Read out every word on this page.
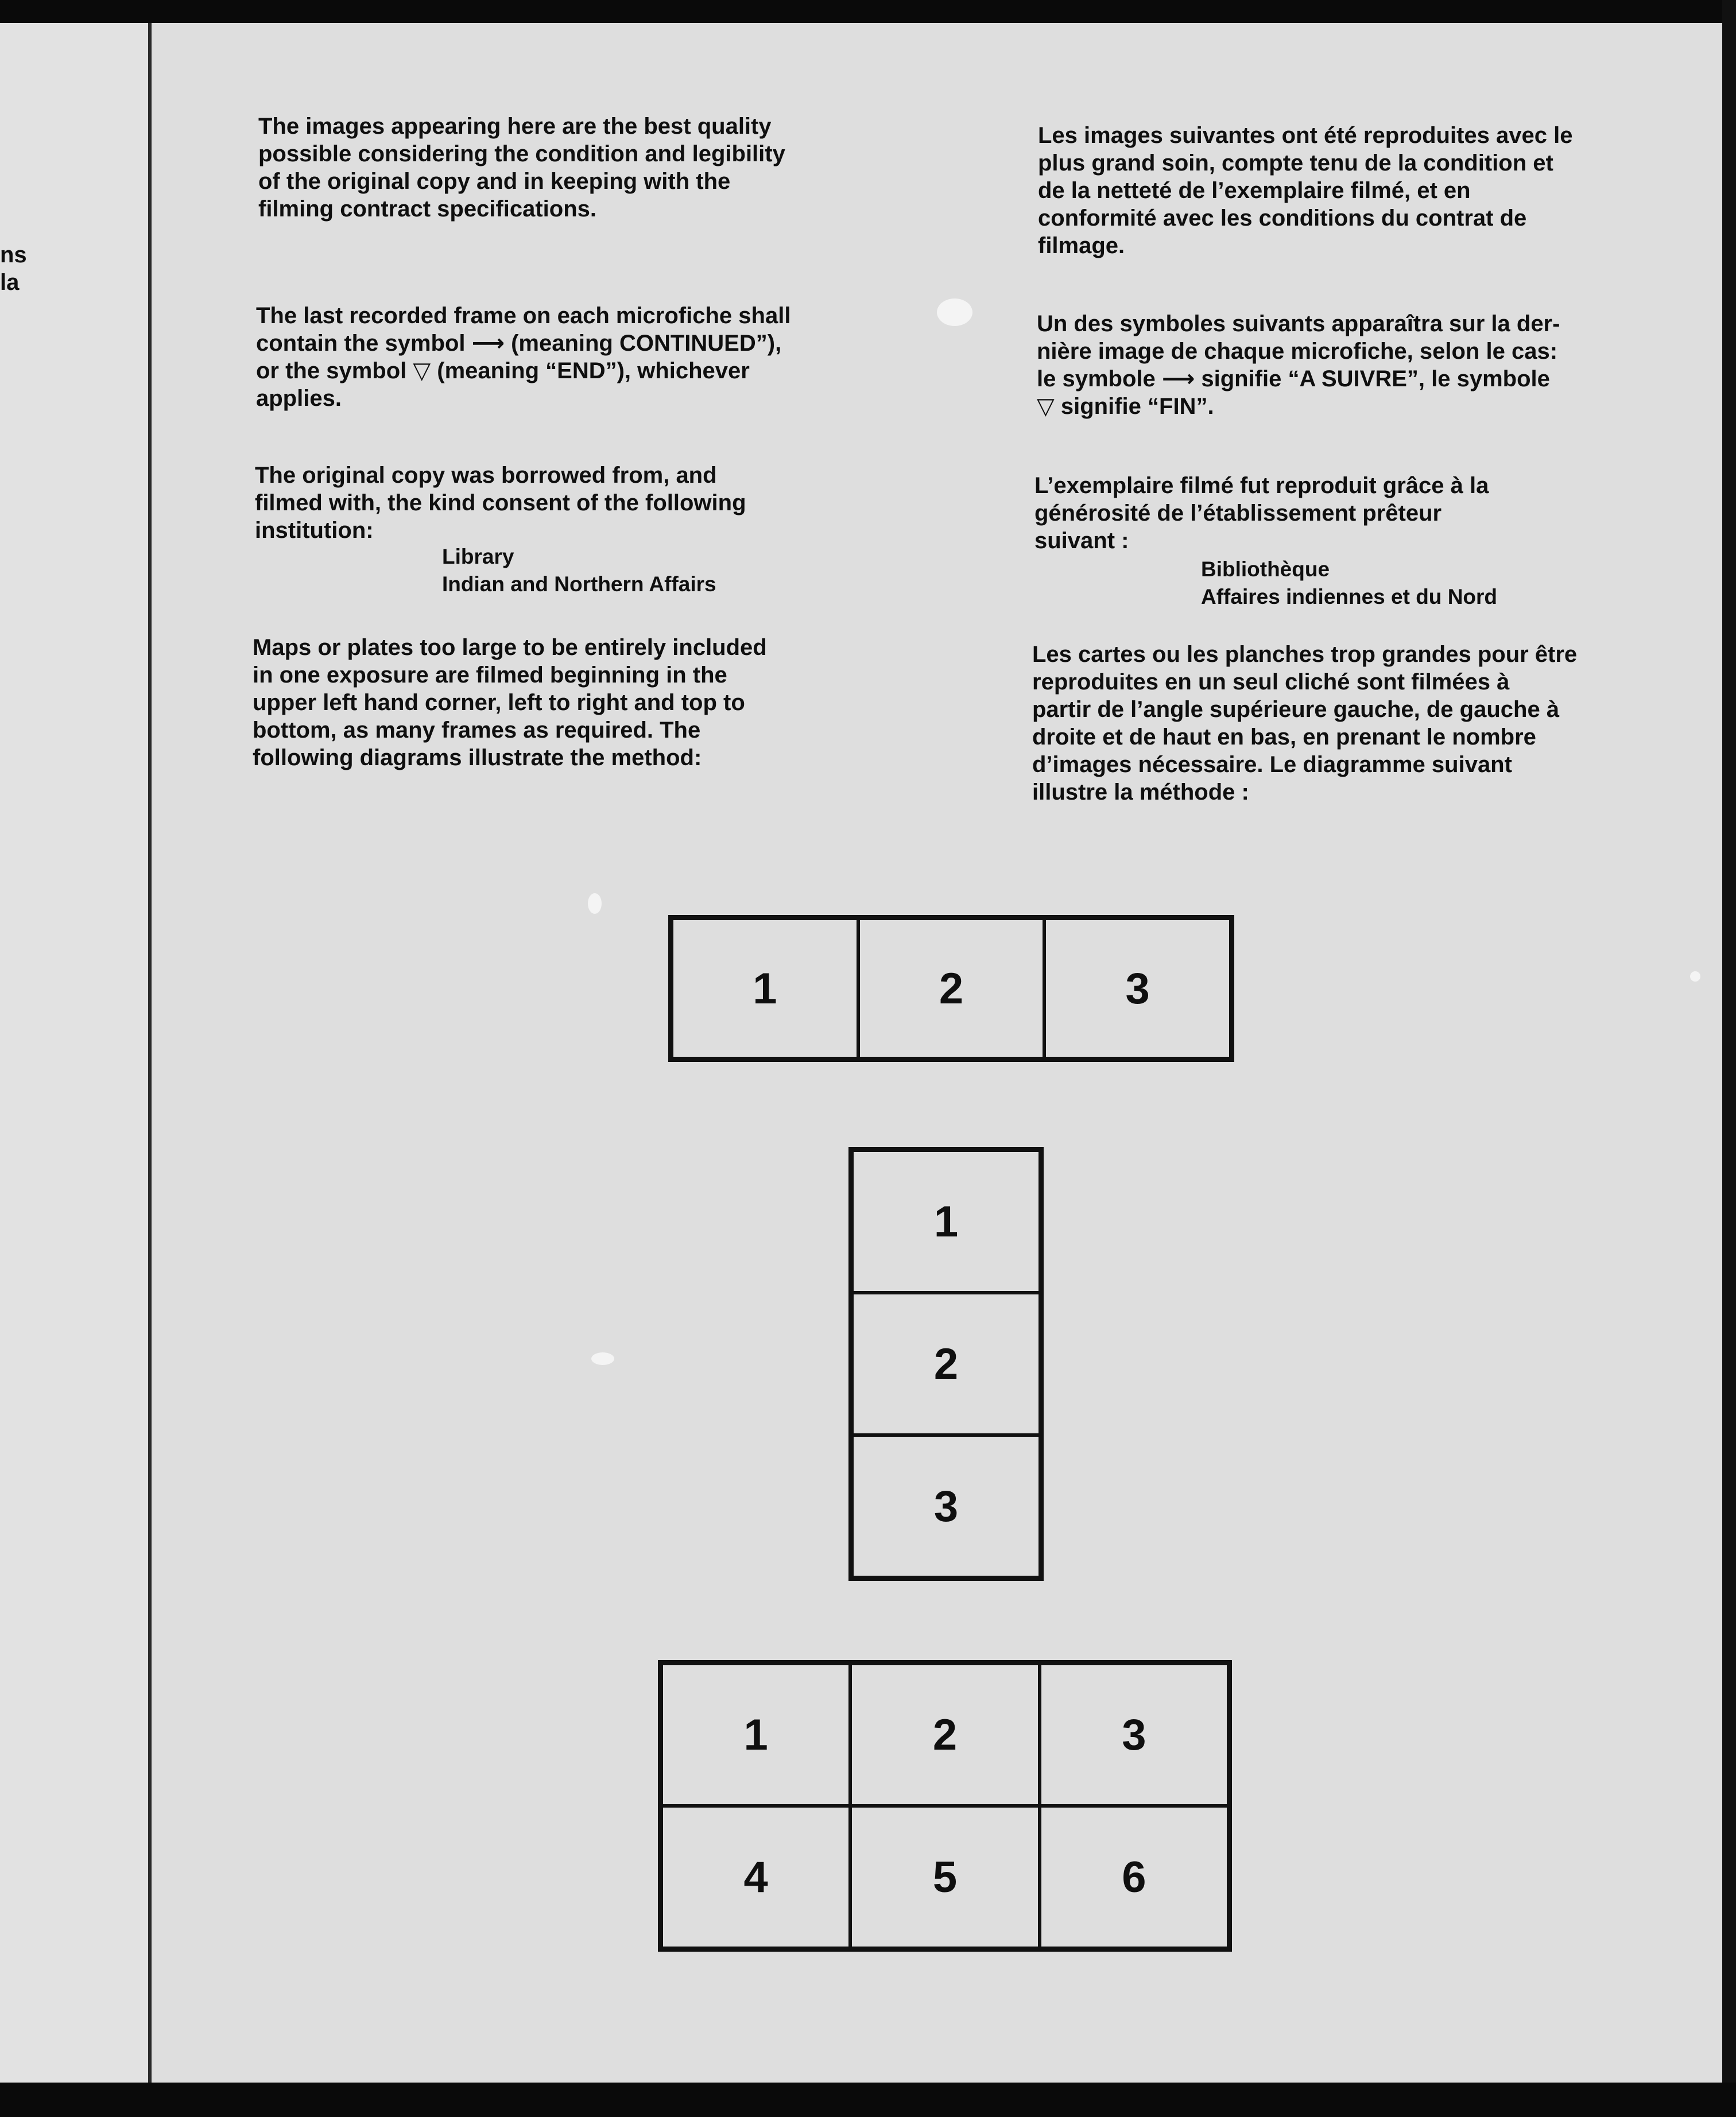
ns
la

The images appearing here are the best quality
possible considering the condition and legibility
of the original copy and in keeping with the
filming contract specifications.

The last recorded frame on each microfiche shall
contain the symbol ⟶ (meaning CONTINUED”),
or the symbol ▽ (meaning “END”), whichever
applies.

The original copy was borrowed from, and
filmed with, the kind consent of the following
institution:

Library
Indian and Northern Affairs

Maps or plates too large to be entirely included
in one exposure are filmed beginning in the
upper left hand corner, left to right and top to
bottom, as many frames as required. The
following diagrams illustrate the method:

Les images suivantes ont été reproduites avec le
plus grand soin, compte tenu de la condition et
de la netteté de l’exemplaire filmé, et en
conformité avec les conditions du contrat de
filmage.

Un des symboles suivants apparaîtra sur la der-
nière image de chaque microfiche, selon le cas:
le symbole ⟶ signifie “A SUIVRE”, le symbole
▽ signifie “FIN”.

L’exemplaire filmé fut reproduit grâce à la
générosité de l’établissement prêteur
suivant :

Bibliothèque
Affaires indiennes et du Nord

Les cartes ou les planches trop grandes pour être
reproduites en un seul cliché sont filmées à
partir de l’angle supérieure gauche, de gauche à
droite et de haut en bas, en prenant le nombre
d’images nécessaire. Le diagramme suivant
illustre la méthode :

1	2	3
1
2
3
1	2	3
4	5	6
